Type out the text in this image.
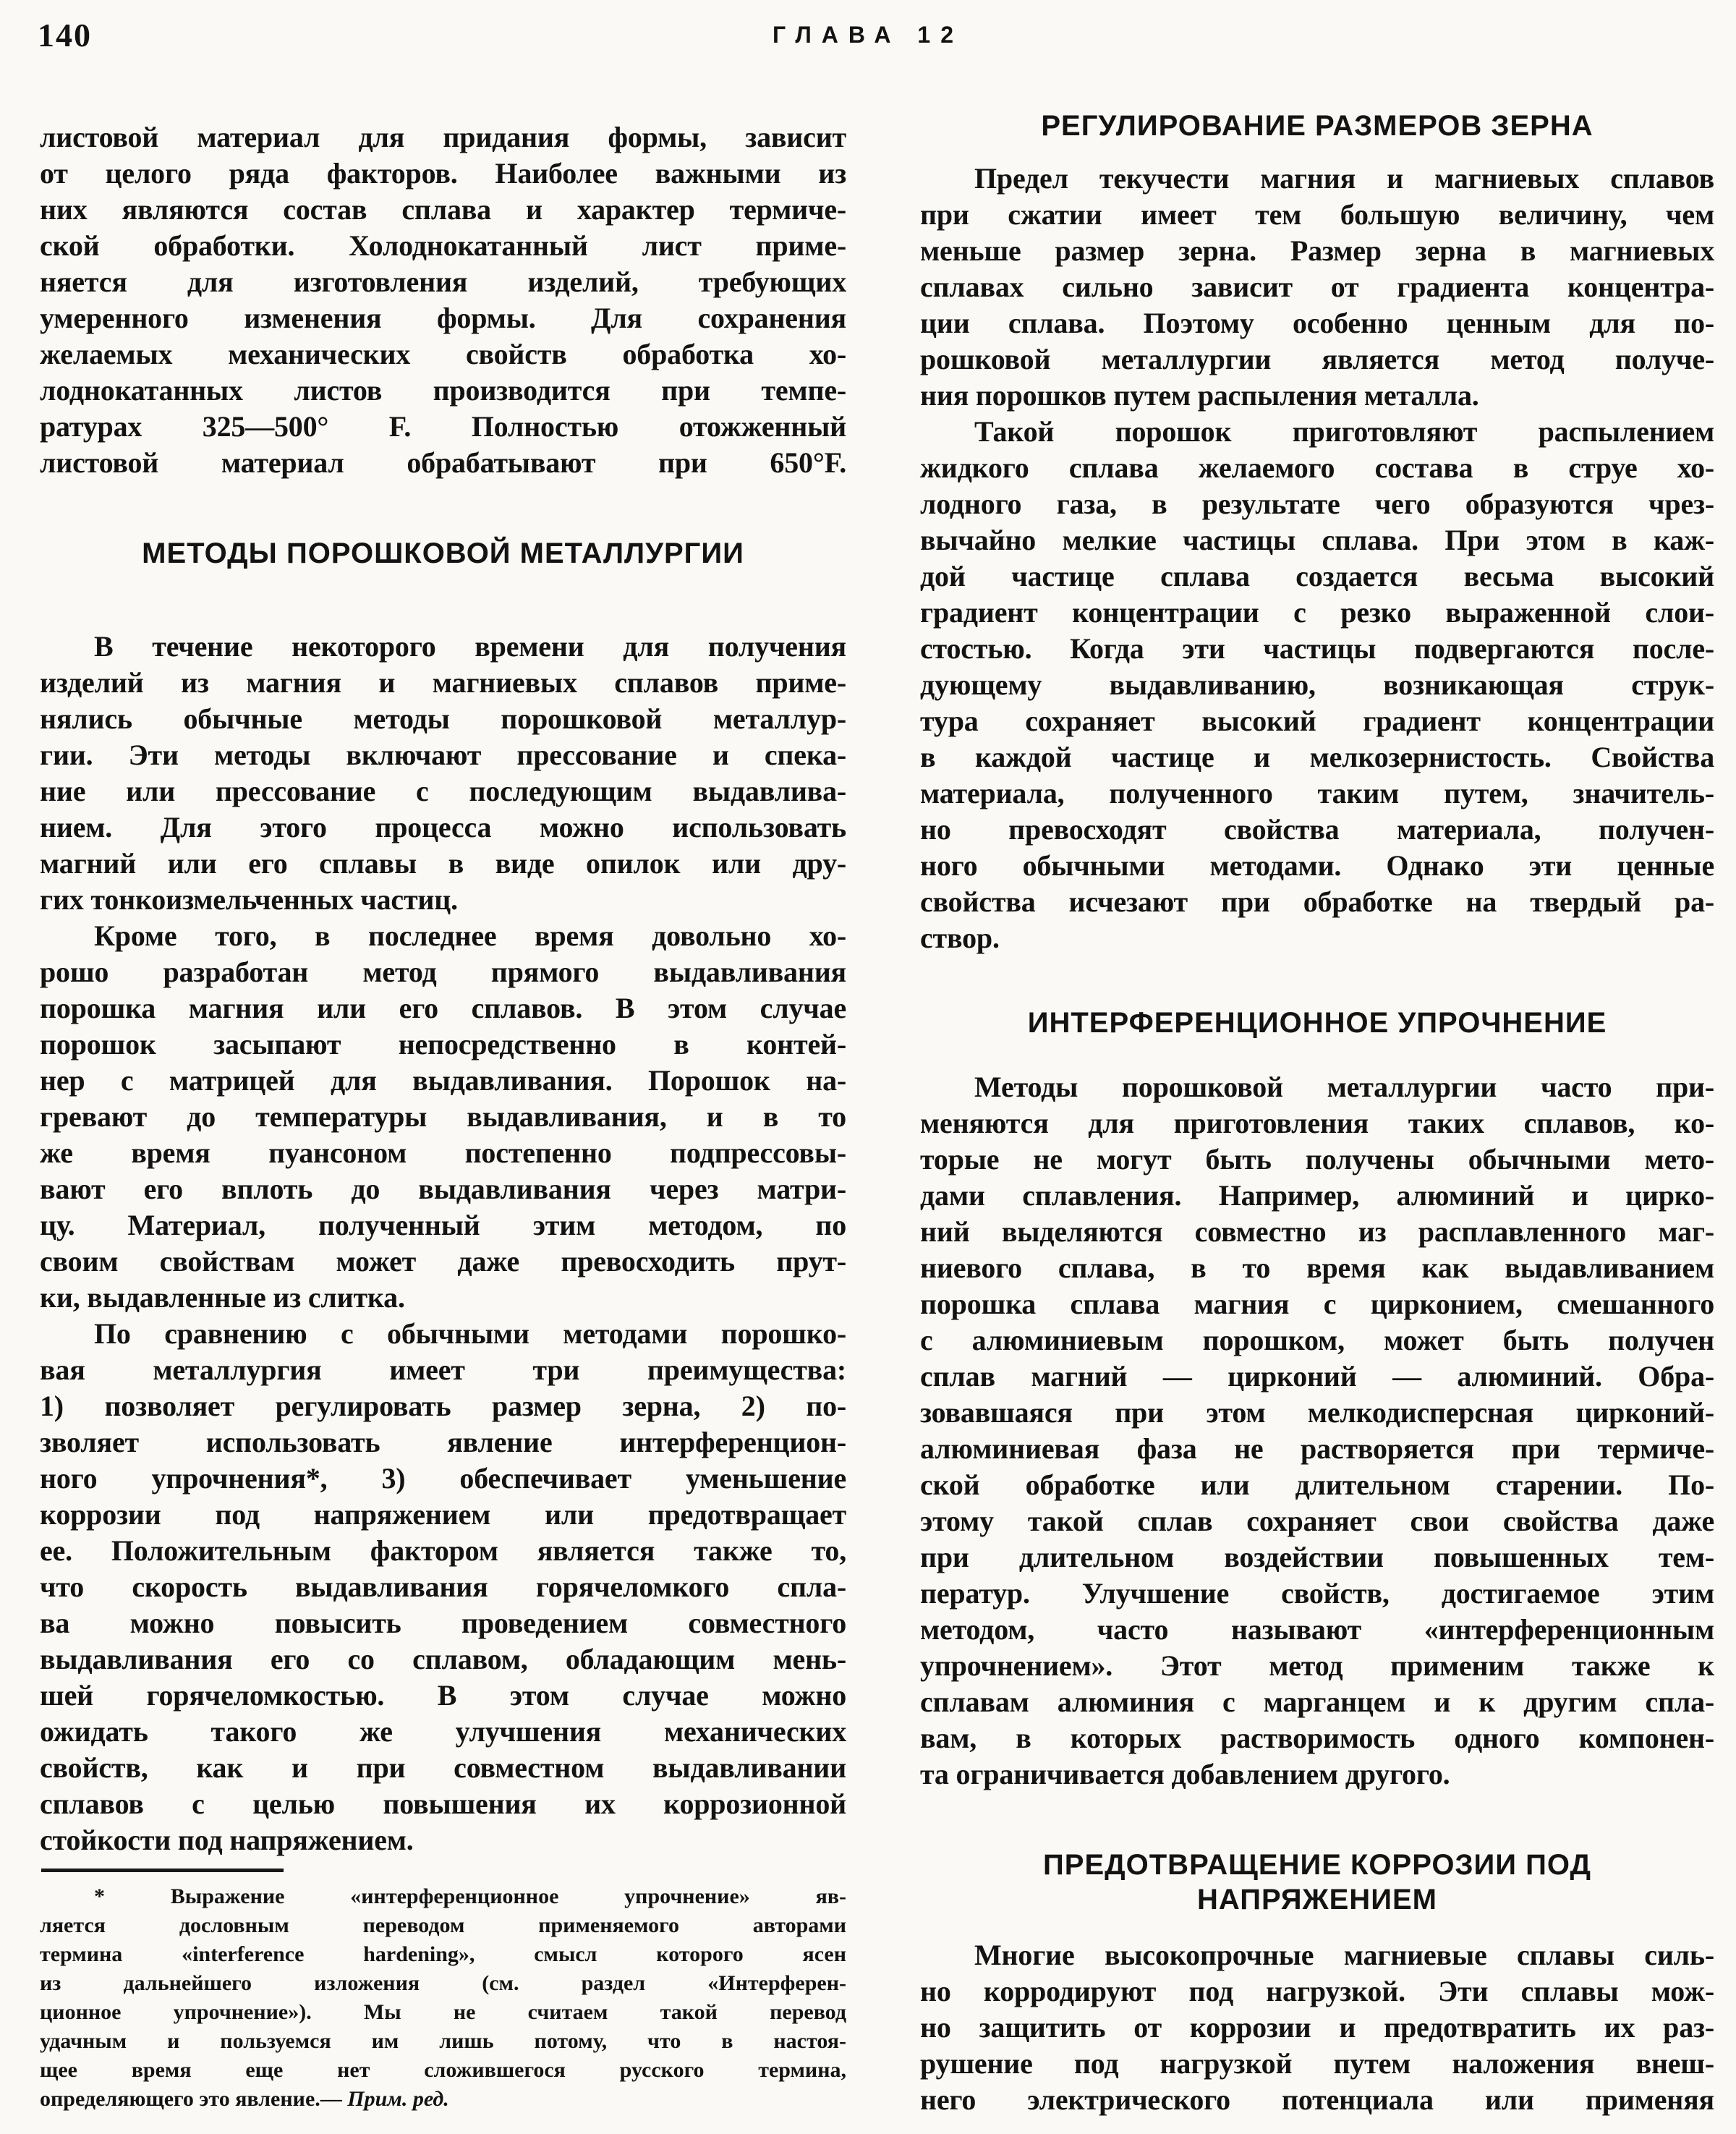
140	ГЛАВА 12
листовой материал для придания формы, зависит
от целого ряда факторов. Наиболее важными из
них являются состав сплава и характер термиче-
ской обработки. Холоднокатанный лист приме-
няется для изготовления изделий, требующих
умеренного изменения формы. Для сохранения
желаемых механических свойств обработка хо-
лоднокатанных листов производится при темпе-
ратурах 325—500° F. Полностью отожженный
листовой материал обрабатывают при 650°F.
МЕТОДЫ ПОРОШКОВОЙ МЕТАЛЛУРГИИ
В течение некоторого времени для получения
изделий из магния и магниевых сплавов приме-
нялись обычные методы порошковой металлур-
гии. Эти методы включают прессование и спека-
ние или прессование с последующим выдавлива-
нием. Для этого процесса можно использовать
магний или его сплавы в виде опилок или дру-
гих тонкоизмельченных частиц.
Кроме того, в последнее время довольно хо-
рошо разработан метод прямого выдавливания
порошка магния или его сплавов. В этом случае
порошок засыпают непосредственно в контей-
нер с матрицей для выдавливания. Порошок на-
гревают до температуры выдавливания, и в то
же время пуансоном постепенно подпрессовы-
вают его вплоть до выдавливания через матри-
цу. Материал, полученный этим методом, по
своим свойствам может даже превосходить прут-
ки, выдавленные из слитка.
По сравнению с обычными методами порошко-
вая металлургия имеет три преимущества:
1) позволяет регулировать размер зерна, 2) по-
зволяет использовать явление интерференцион-
ного упрочнения*, 3) обеспечивает уменьшение
коррозии под напряжением или предотвращает
ее. Положительным фактором является также то,
что скорость выдавливания горячеломкого спла-
ва можно повысить проведением совместного
выдавливания его со сплавом, обладающим мень-
шей горячеломкостью. В этом случае можно
ожидать такого же улучшения механических
свойств, как и при совместном выдавливании
сплавов с целью повышения их коррозионной
стойкости под напряжением.
* Выражение «интерференционное упрочнение» яв-
ляется дословным переводом применяемого авторами
термина «interference hardening», смысл которого ясен
из дальнейшего изложения (см. раздел «Интерферен-
ционное упрочнение»). Мы не считаем такой перевод
удачным и пользуемся им лишь потому, что в настоя-
щее время еще нет сложившегося русского термина,
определяющего это явление.— Прим. ред.
РЕГУЛИРОВАНИЕ РАЗМЕРОВ ЗЕРНА
Предел текучести магния и магниевых сплавов
при сжатии имеет тем большую величину, чем
меньше размер зерна. Размер зерна в магниевых
сплавах сильно зависит от градиента концентра-
ции сплава. Поэтому особенно ценным для по-
рошковой металлургии является метод получе-
ния порошков путем распыления металла.
Такой порошок приготовляют распылением
жидкого сплава желаемого состава в струе хо-
лодного газа, в результате чего образуются чрез-
вычайно мелкие частицы сплава. При этом в каж-
дой частице сплава создается весьма высокий
градиент концентрации с резко выраженной слои-
стостью. Когда эти частицы подвергаются после-
дующему выдавливанию, возникающая струк-
тура сохраняет высокий градиент концентрации
в каждой частице и мелкозернистость. Свойства
материала, полученного таким путем, значитель-
но превосходят свойства материала, получен-
ного обычными методами. Однако эти ценные
свойства исчезают при обработке на твердый ра-
створ.
ИНТЕРФЕРЕНЦИОННОЕ УПРОЧНЕНИЕ
Методы порошковой металлургии часто при-
меняются для приготовления таких сплавов, ко-
торые не могут быть получены обычными мето-
дами сплавления. Например, алюминий и цирко-
ний выделяются совместно из расплавленного маг-
ниевого сплава, в то время как выдавливанием
порошка сплава магния с цирконием, смешанного
с алюминиевым порошком, может быть получен
сплав магний — цирконий — алюминий. Обра-
зовавшаяся при этом мелкодисперсная цирконий-
алюминиевая фаза не растворяется при термиче-
ской обработке или длительном старении. По-
этому такой сплав сохраняет свои свойства даже
при длительном воздействии повышенных тем-
ператур. Улучшение свойств, достигаемое этим
методом, часто называют «интерференционным
упрочнением». Этот метод применим также к
сплавам алюминия с марганцем и к другим спла-
вам, в которых растворимость одного компонен-
та ограничивается добавлением другого.
ПРЕДОТВРАЩЕНИЕ КОРРОЗИИ ПОД
НАПРЯЖЕНИЕМ
Многие высокопрочные магниевые сплавы силь-
но корродируют под нагрузкой. Эти сплавы мож-
но защитить от коррозии и предотвратить их раз-
рушение под нагрузкой путем наложения внеш-
него электрического потенциала или применяя
